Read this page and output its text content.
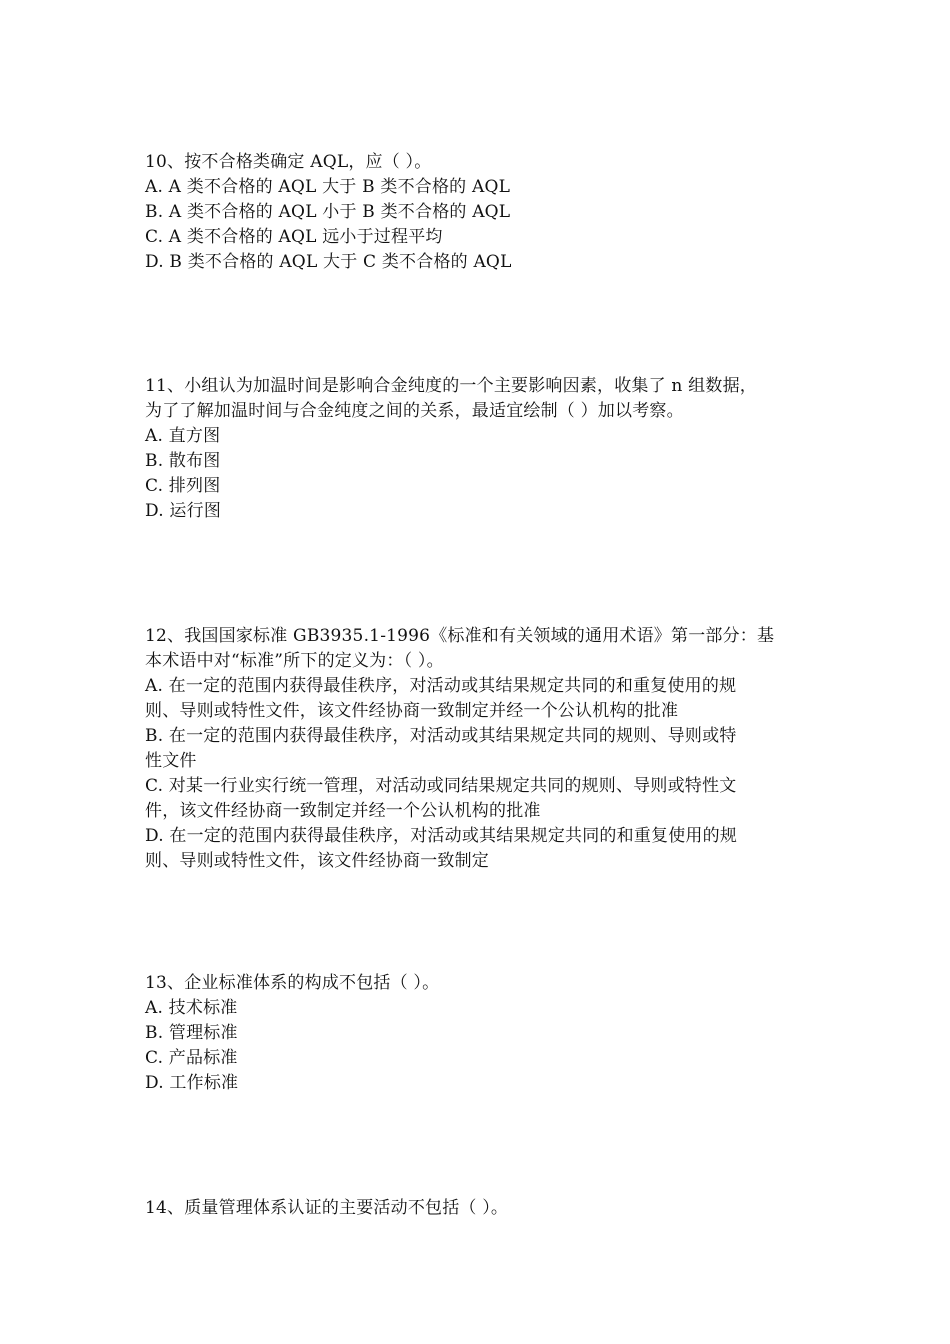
10、按不合格类确定 AQL，应（ ）。
A. A 类不合格的 AQL 大于 B 类不合格的 AQL
B. A 类不合格的 AQL 小于 B 类不合格的 AQL
C. A 类不合格的 AQL 远小于过程平均
D. B 类不合格的 AQL 大于 C 类不合格的 AQL
11、小组认为加温时间是影响合金纯度的一个主要影响因素，收集了 n 组数据，
为了了解加温时间与合金纯度之间的关系，最适宜绘制（ ）加以考察。
A. 直方图
B. 散布图
C. 排列图
D. 运行图
12、我国国家标准 GB3935.1-1996《标准和有关领域的通用术语》第一部分：基
本术语中对“标准”所下的定义为：（ ）。
A. 在一定的范围内获得最佳秩序，对活动或其结果规定共同的和重复使用的规
则、导则或特性文件，该文件经协商一致制定并经一个公认机构的批准
B. 在一定的范围内获得最佳秩序，对活动或其结果规定共同的规则、导则或特
性文件
C. 对某一行业实行统一管理，对活动或同结果规定共同的规则、导则或特性文
件，该文件经协商一致制定并经一个公认机构的批准
D. 在一定的范围内获得最佳秩序，对活动或其结果规定共同的和重复使用的规
则、导则或特性文件，该文件经协商一致制定
13、企业标准体系的构成不包括（ ）。
A. 技术标准
B. 管理标准
C. 产品标准
D. 工作标准
14、质量管理体系认证的主要活动不包括（ ）。
